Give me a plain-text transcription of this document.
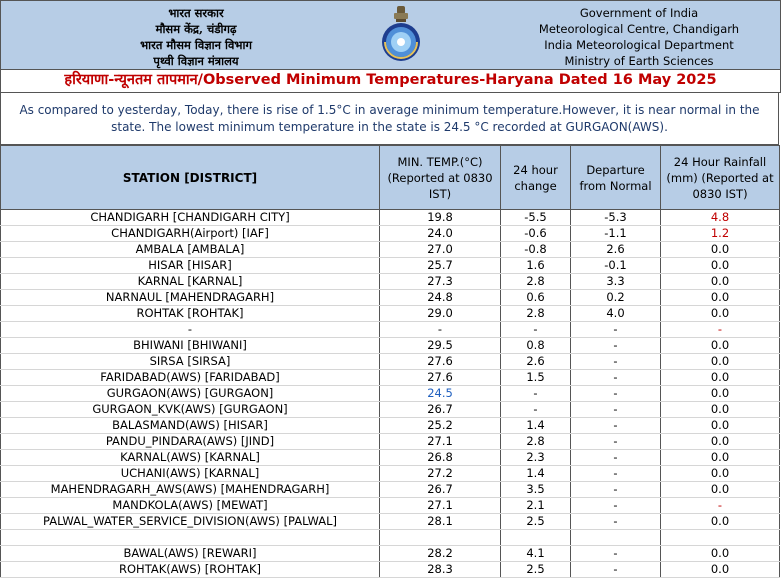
भारत सरकार
मौसम केंद्र, चंडीगढ़
भारत मौसम विज्ञान विभाग
पृथ्वी विज्ञान मंत्रालय
Government of India
Meteorological Centre, Chandigarh
India Meteorological Department
Ministry of Earth Sciences
हरियाणा-न्यूनतम तापमान/Observed Minimum Temperatures-Haryana Dated 16 May 2025
As compared to yesterday, Today, there is rise of 1.5°C in average minimum temperature.However, it is near normal in the state. The lowest minimum temperature in the state is 24.5 °C recorded at GURGAON(AWS).
STATION [DISTRICT]	MIN. TEMP.(°C) (Reported at 0830 IST)	24 hour change	Departure from Normal	24 Hour Rainfall (mm) (Reported at 0830 IST)
CHANDIGARH [CHANDIGARH CITY]	19.8	-5.5	-5.3	4.8
CHANDIGARH(Airport) [IAF]	24.0	-0.6	-1.1	1.2
AMBALA [AMBALA]	27.0	-0.8	2.6	0.0
HISAR [HISAR]	25.7	1.6	-0.1	0.0
KARNAL [KARNAL]	27.3	2.8	3.3	0.0
NARNAUL [MAHENDRAGARH]	24.8	0.6	0.2	0.0
ROHTAK [ROHTAK]	29.0	2.8	4.0	0.0
-	-	-	-	-
BHIWANI [BHIWANI]	29.5	0.8	-	0.0
SIRSA [SIRSA]	27.6	2.6	-	0.0
FARIDABAD(AWS) [FARIDABAD]	27.6	1.5	-	0.0
GURGAON(AWS) [GURGAON]	24.5	-	-	0.0
GURGAON_KVK(AWS) [GURGAON]	26.7	-	-	0.0
BALASMAND(AWS) [HISAR]	25.2	1.4	-	0.0
PANDU_PINDARA(AWS) [JIND]	27.1	2.8	-	0.0
KARNAL(AWS) [KARNAL]	26.8	2.3	-	0.0
UCHANI(AWS) [KARNAL]	27.2	1.4	-	0.0
MAHENDRAGARH_AWS(AWS) [MAHENDRAGARH]	26.7	3.5	-	0.0
MANDKOLA(AWS) [MEWAT]	27.1	2.1	-	-
PALWAL_WATER_SERVICE_DIVISION(AWS) [PALWAL]	28.1	2.5	-	0.0

BAWAL(AWS) [REWARI]	28.2	4.1	-	0.0
ROHTAK(AWS) [ROHTAK]	28.3	2.5	-	0.0
